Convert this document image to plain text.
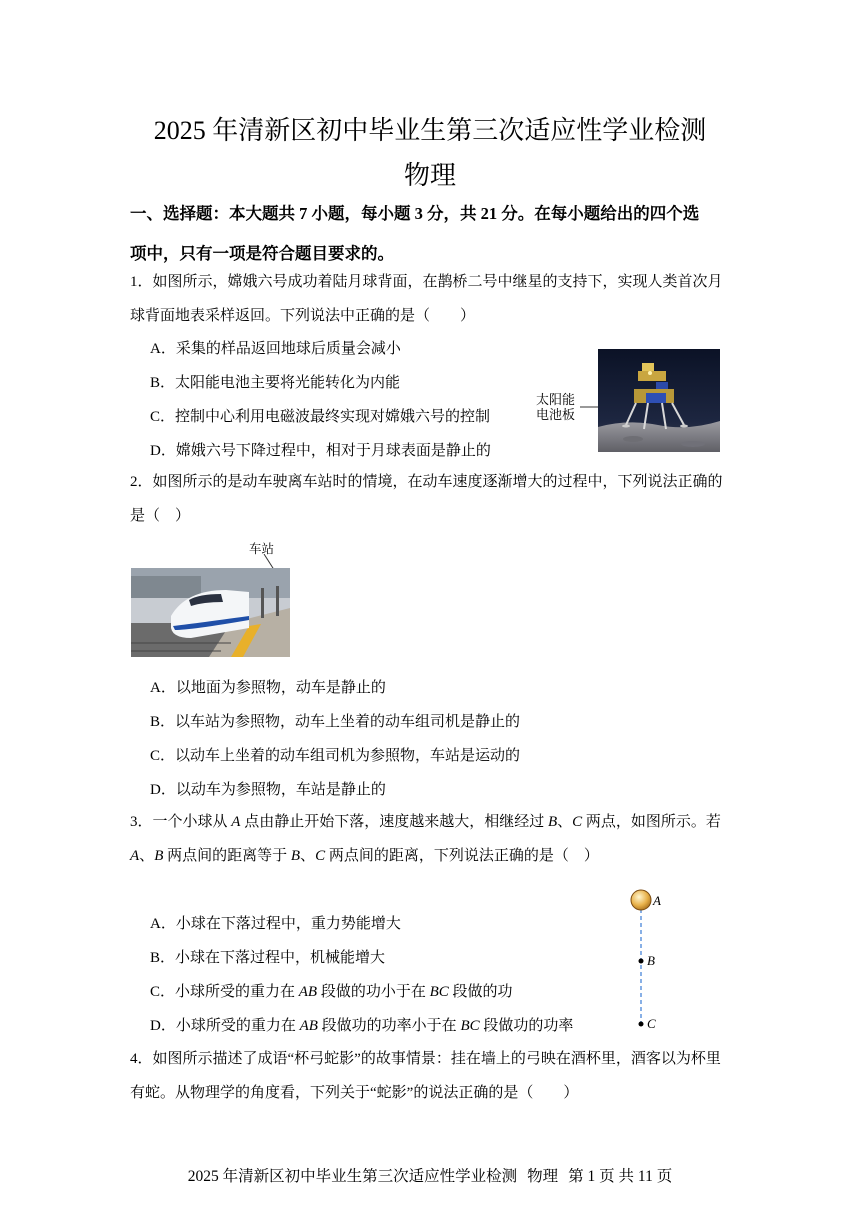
2025 年清新区初中毕业生第三次适应性学业检测
物理
一、选择题：本大题共 7 小题，每小题 3 分，共 21 分。在每小题给出的四个选
项中，只有一项是符合题目要求的。
1．如图所示，嫦娥六号成功着陆月球背面，在鹊桥二号中继星的支持下，实现人类首次月
球背面地表采样返回。下列说法中正确的是（　　）
A．采集的样品返回地球后质量会减小
B．太阳能电池主要将光能转化为内能
C．控制中心利用电磁波最终实现对嫦娥六号的控制
D．嫦娥六号下降过程中，相对于月球表面是静止的
太阳能
电池板
2．如图所示的是动车驶离车站时的情境，在动车速度逐渐增大的过程中，下列说法正确的
是（　）
车站
A．以地面为参照物，动车是静止的
B．以车站为参照物，动车上坐着的动车组司机是静止的
C．以动车上坐着的动车组司机为参照物，车站是运动的
D．以动车为参照物，车站是静止的
3．一个小球从 A 点由静止开始下落，速度越来越大，相继经过 B、C 两点，如图所示。若
A、B 两点间的距离等于 B、C 两点间的距离，下列说法正确的是（　）
A．小球在下落过程中，重力势能增大
B．小球在下落过程中，机械能增大
C．小球所受的重力在 AB 段做的功小于在 BC 段做的功
D．小球所受的重力在 AB 段做功的功率小于在 BC 段做功的功率
A
B
C
4．如图所示描述了成语“杯弓蛇影”的故事情景：挂在墙上的弓映在酒杯里，酒客以为杯里
有蛇。从物理学的角度看，下列关于“蛇影”的说法正确的是（　　）
2025 年清新区初中毕业生第三次适应性学业检测 物理 第 1 页 共 11 页
